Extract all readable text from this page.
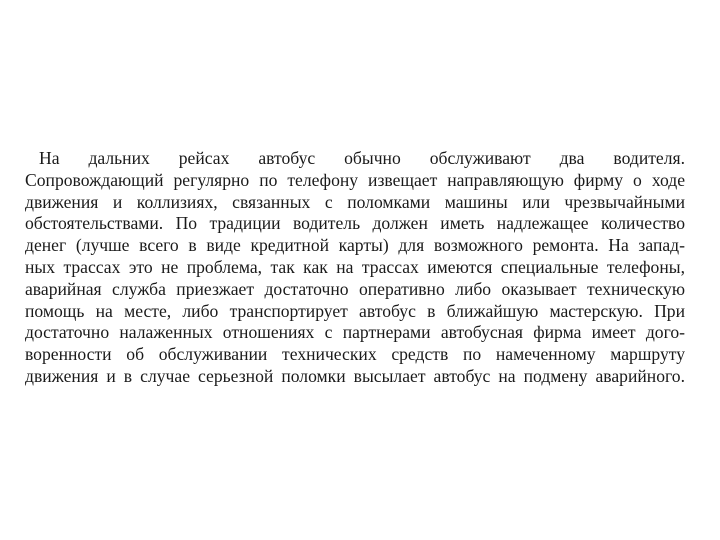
На дальних рейсах автобус обычно обслуживают два водителя.
Сопровождающий регулярно по телефону извещает направляющую фирму о ходе
движения и коллизиях, связанных с поломками машины или чрезвычайными
обстоятельствами. По традиции водитель должен иметь надлежащее количество
денег (лучше всего в виде кредитной карты) для возможного ремонта. На запад-
ных трассах это не проблема, так как на трассах имеются специальные телефоны,
аварийная служба приезжает достаточно оперативно либо оказывает техническую
помощь на месте, либо транспортирует автобус в ближайшую мастерскую. При
достаточно налаженных отношениях с партнерами автобусная фирма имеет дого-
воренности об обслуживании технических средств по намеченному маршруту
движения и в случае серьезной поломки высылает автобус на подмену аварийного.
